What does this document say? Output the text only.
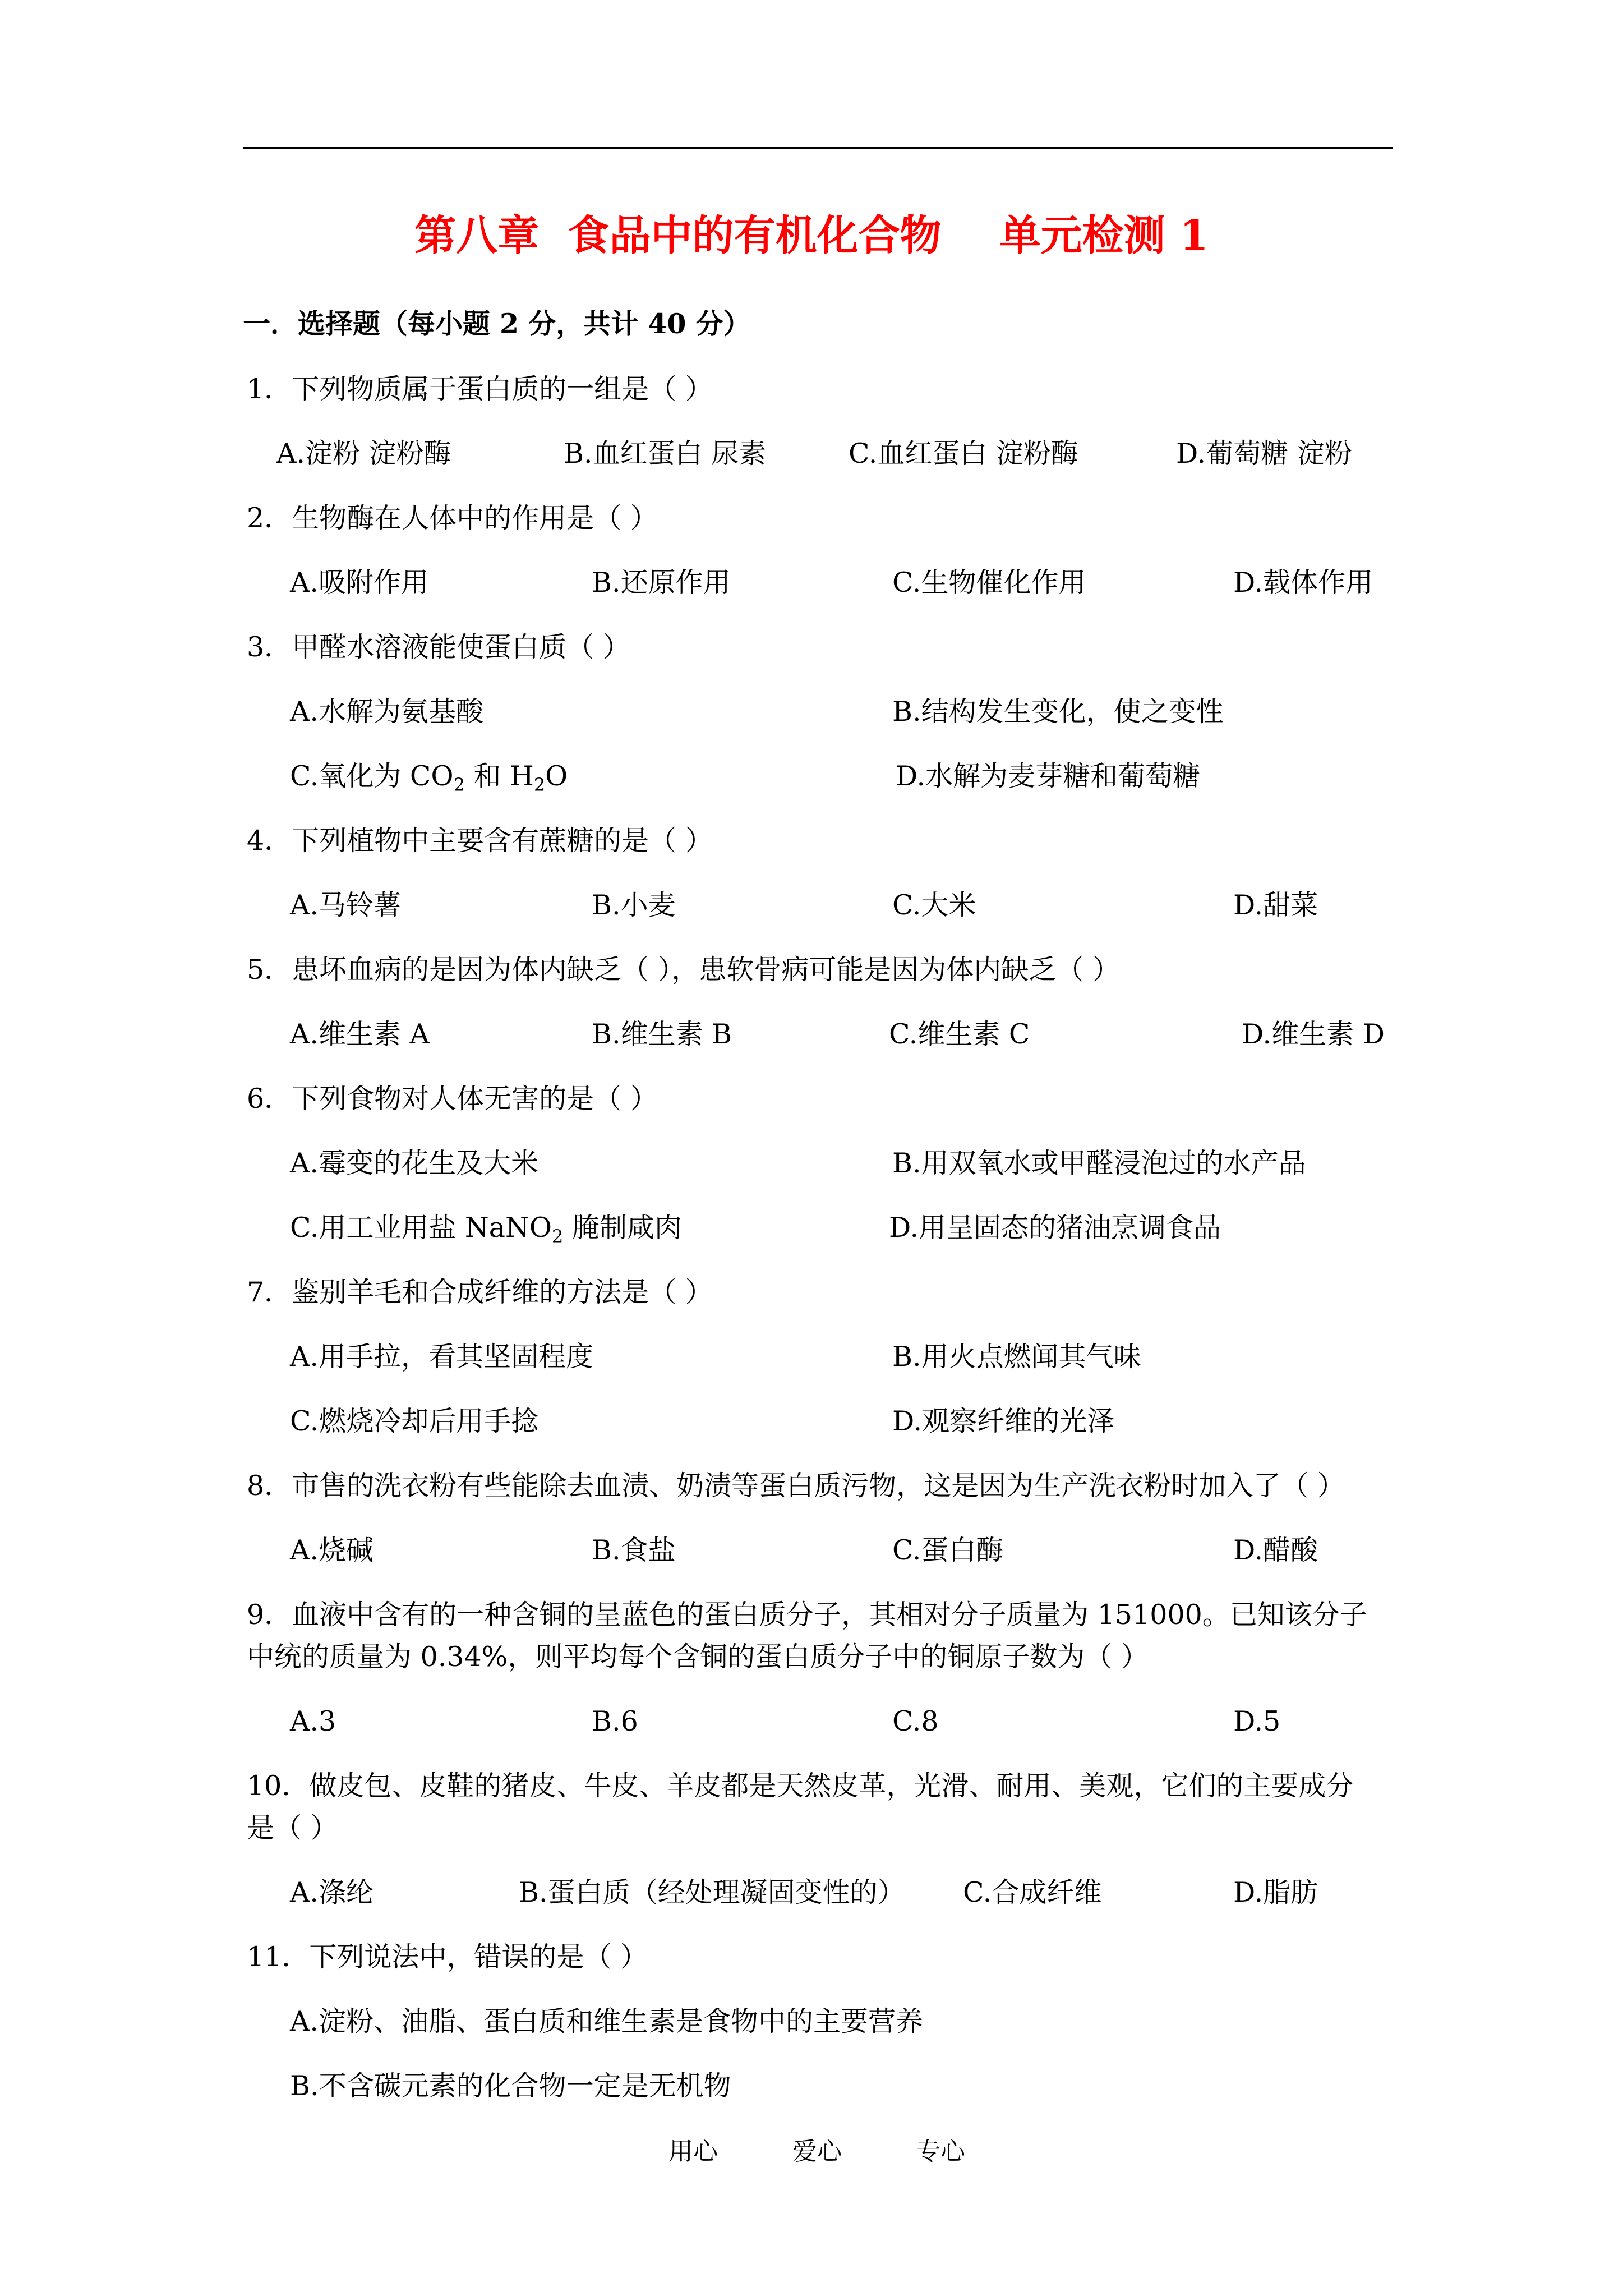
第八章  食品中的有机化合物    单元检测 1
一．选择题（每小题 2 分，共计 40 分）
1．下列物质属于蛋白质的一组是（ ）
A.淀粉 淀粉酶	B.血红蛋白 尿素	C.血红蛋白 淀粉酶	D.葡萄糖 淀粉
2．生物酶在人体中的作用是（ ）
A.吸附作用	B.还原作用	C.生物催化作用	D.载体作用
3．甲醛水溶液能使蛋白质（ ）
A.水解为氨基酸	B.结构发生变化，使之变性
C.氧化为 $CO_2$ 和 $H_2O$	D.水解为麦芽糖和葡萄糖
4．下列植物中主要含有蔗糖的是（ ）
A.马铃薯	B.小麦	C.大米	D.甜菜
5．患坏血病的是因为体内缺乏（ ），患软骨病可能是因为体内缺乏（ ）
A.维生素 A	B.维生素 B	C.维生素 C	D.维生素 D
6．下列食物对人体无害的是（ ）
A.霉变的花生及大米	B.用双氧水或甲醛浸泡过的水产品
C.用工业用盐 NaNO$_2$ 腌制咸肉	D.用呈固态的猪油烹调食品
7．鉴别羊毛和合成纤维的方法是（ ）
A.用手拉，看其坚固程度	B.用火点燃闻其气味
C.燃烧冷却后用手捻	D.观察纤维的光泽
8．市售的洗衣粉有些能除去血渍、奶渍等蛋白质污物，这是因为生产洗衣粉时加入了（ ）
A.烧碱	B.食盐	C.蛋白酶	D.醋酸
9．血液中含有的一种含铜的呈蓝色的蛋白质分子，其相对分子质量为 151000。已知该分子
中统的质量为 0.34%，则平均每个含铜的蛋白质分子中的铜原子数为（ ）
A.3	B.6	C.8	D.5
10．做皮包、皮鞋的猪皮、牛皮、羊皮都是天然皮革，光滑、耐用、美观，它们的主要成分
是（ ）
A.涤纶	B.蛋白质（经处理凝固变性的） C.合成纤维	D.脂肪
11．下列说法中，错误的是（ ）
A.淀粉、油脂、蛋白质和维生素是食物中的主要营养
B.不含碳元素的化合物一定是无机物
用心	爱心	专心
